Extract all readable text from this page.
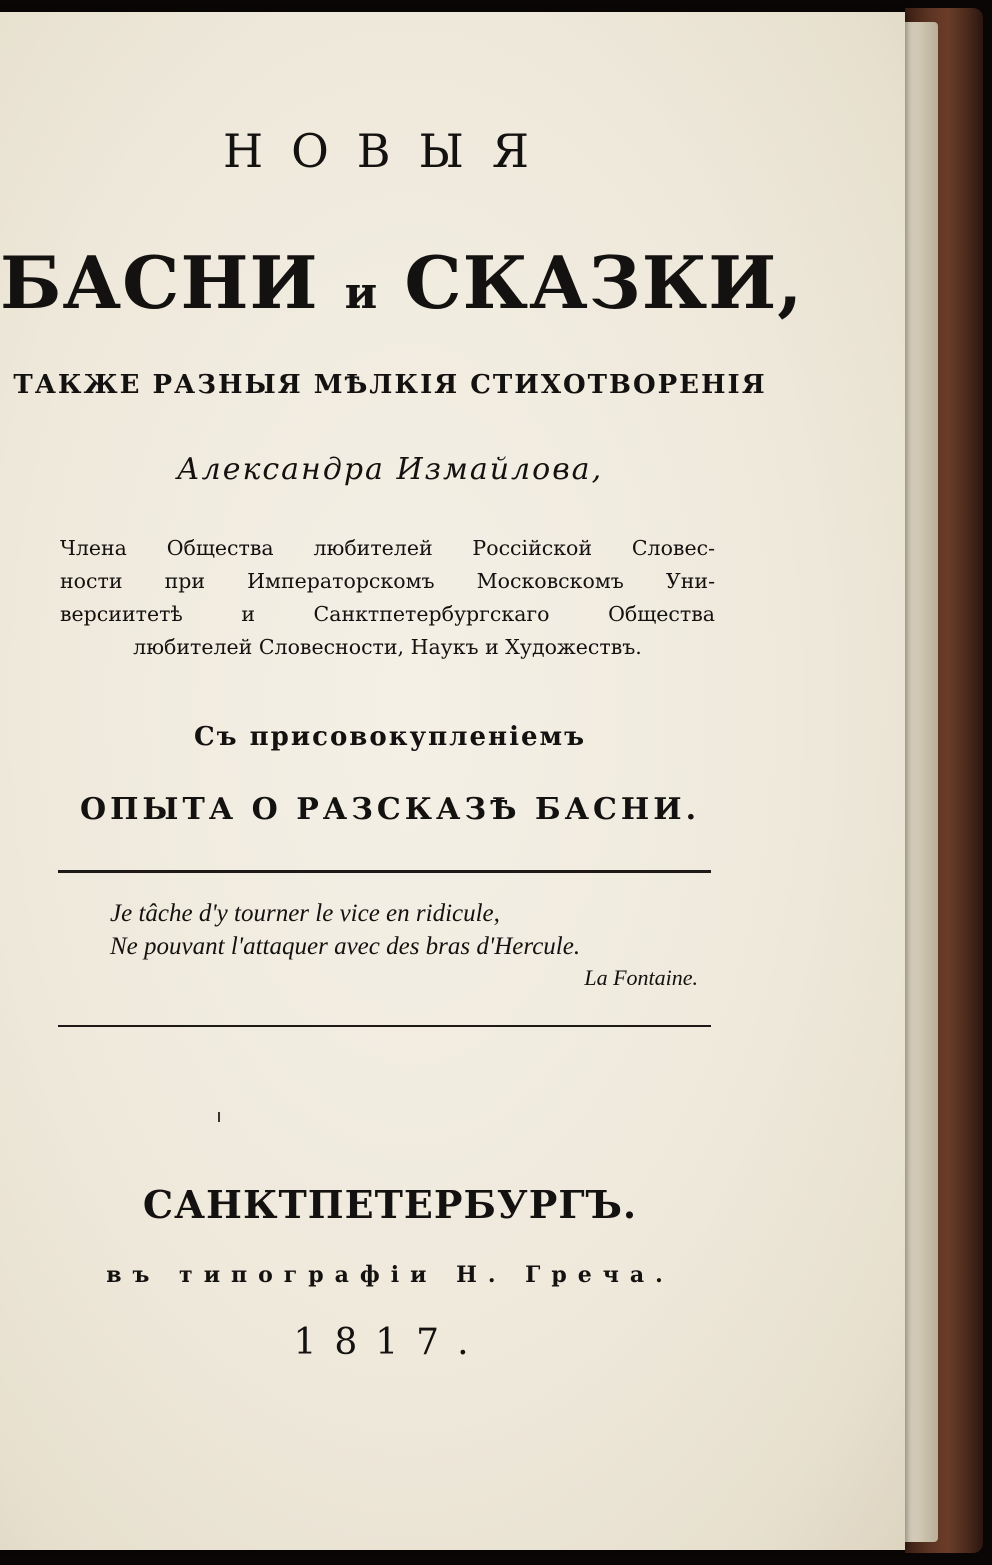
НОВЫЯ
БАСНИ и СКАЗКИ,
ТАКЖЕ РАЗНЫЯ МѢЛКІЯ СТИХОТВОРЕНІЯ
Александра Измайлова,
Члена Общества любителей Россійской Словес-
ности при Императорскомъ Московскомъ Уни-
версиитетѣ и Санктпетербургскаго Общества
любителей Словесности, Наукъ и Художествъ.
Съ присовокупленіемъ
ОПЫТА О РАЗСКАЗѢ БАСНИ.
Je tâche d'y tourner le vice en ridicule,
Ne pouvant l'attaquer avec des bras d'Hercule.
La Fontaine.
САНКТПЕТЕРБУРГЪ.
въ типографіи Н. Греча.
1817.
